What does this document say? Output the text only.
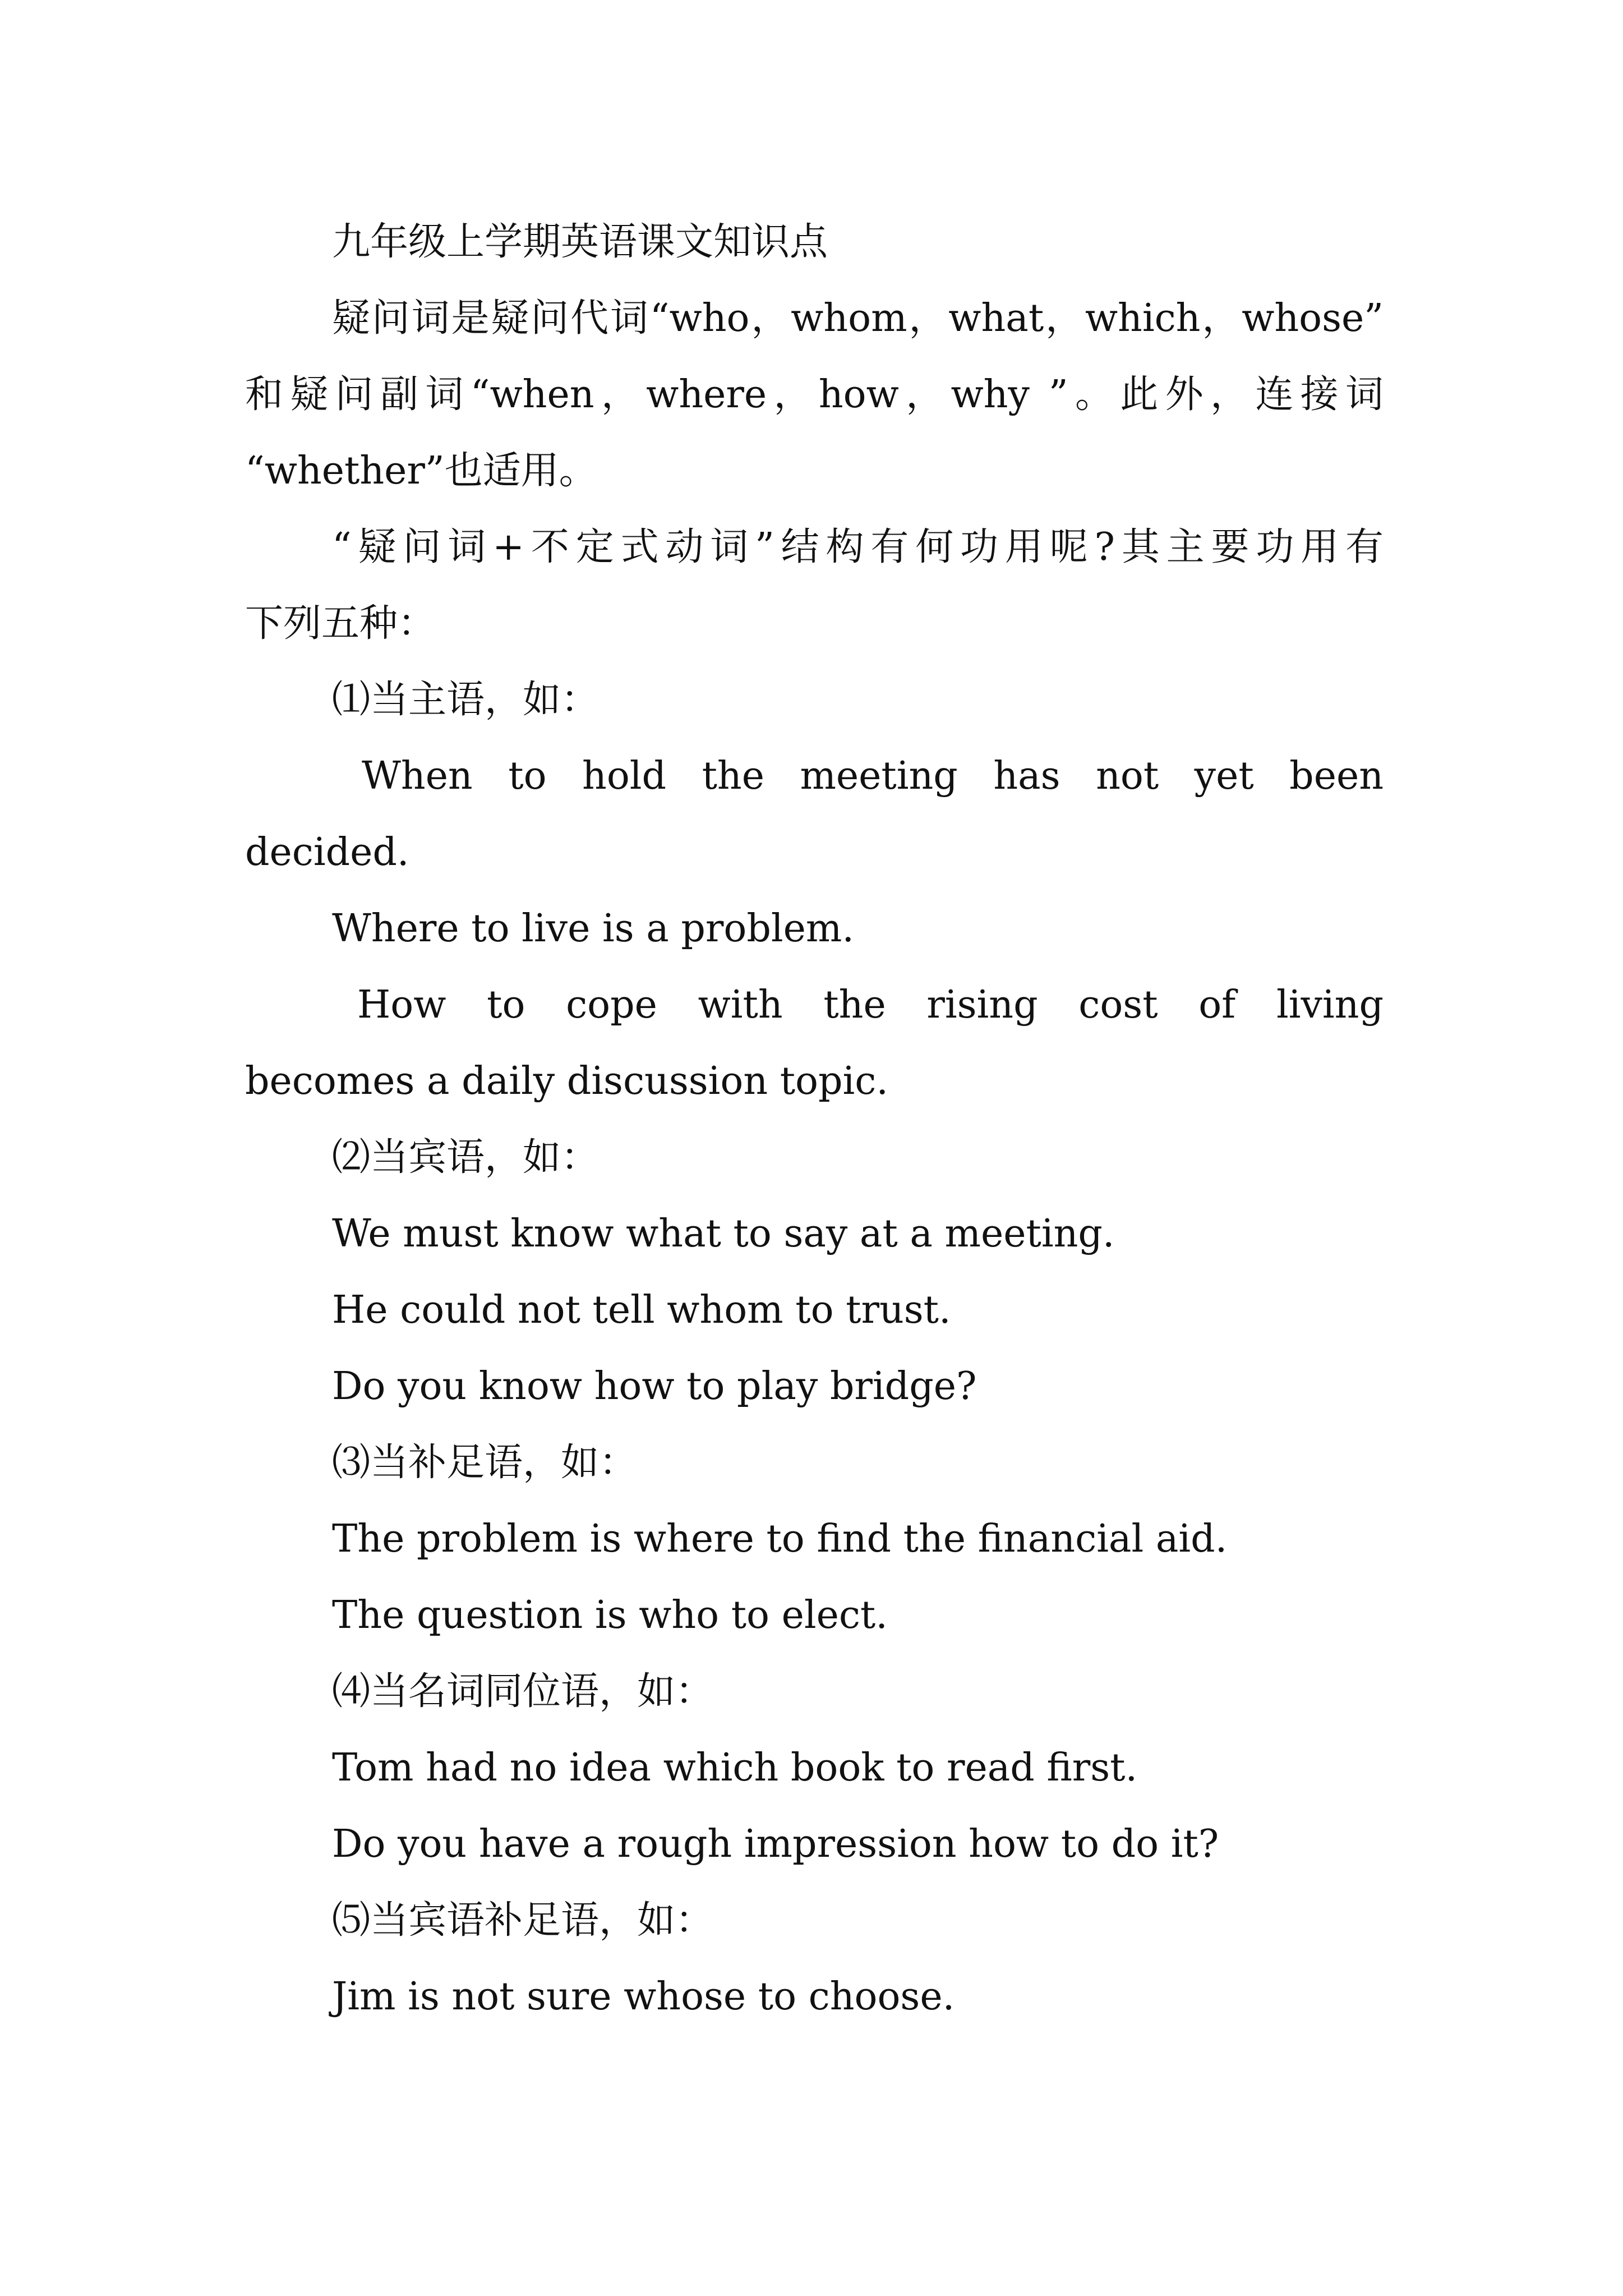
九年级上学期英语课文知识点
疑问词是疑问代词“who，whom，what，which，whose”
和疑问副词“when，where，how，why ”。此外，连接词
“whether”也适用。
“疑问词+不定式动词”结构有何功用呢?其主要功用有
下列五种：
⑴当主语，如：
When to hold the meeting has not yet been
decided.
Where to live is a problem.
How to cope with the rising cost of living
becomes a daily discussion topic.
⑵当宾语，如：
We must know what to say at a meeting.
He could not tell whom to trust.
Do you know how to play bridge?
⑶当补足语，如：
The problem is where to find the financial aid.
The question is who to elect.
⑷当名词同位语，如：
Tom had no idea which book to read first.
Do you have a rough impression how to do it?
⑸当宾语补足语，如：
Jim is not sure whose to choose.
